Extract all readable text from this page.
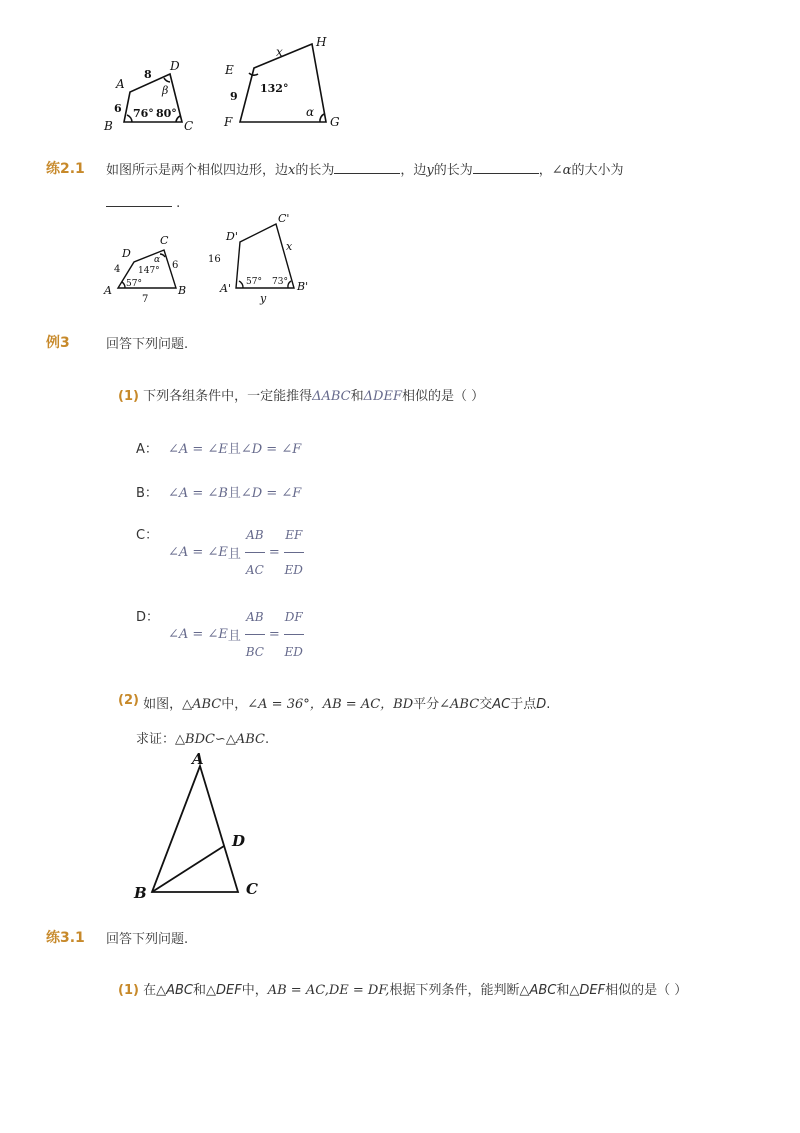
A
B	C
D
β
E
F	G
H
x
α
8
6 76° 80°
9
132°
练2.1 如图所示是两个相似四边形，边x的长为	，边y的长为	，∠α的大小为
.
A	B
C
D	α
A'	B'
C'
D'
x
y
4	6
7
147°
57°
16
57° 73°
例3	回答下列问题.
(1) 下列各组条件中，一定能推得ΔABC和ΔDEF相似的是（ ）
A： ∠A = ∠E且∠D = ∠F
B： ∠A = ∠B且∠D = ∠F
C：
∠A = ∠E 且 $\frac{AB}{AC} = \frac{EF}{ED}$
D：
∠A = ∠E 且 $\frac{AB}{BC} = \frac{DF}{ED}$
(2) 如图，△ABC中，∠A = 36°，AB = AC，BD平分∠ABC交AC于点D.
求证：△BDC∽△ABC.
A
B	C
D
练3.1 回答下列问题.
(1) 在△ABC和△DEF中，AB = AC,DE = DF,根据下列条件，能判断△ABC和△DEF相似的是（ ）
